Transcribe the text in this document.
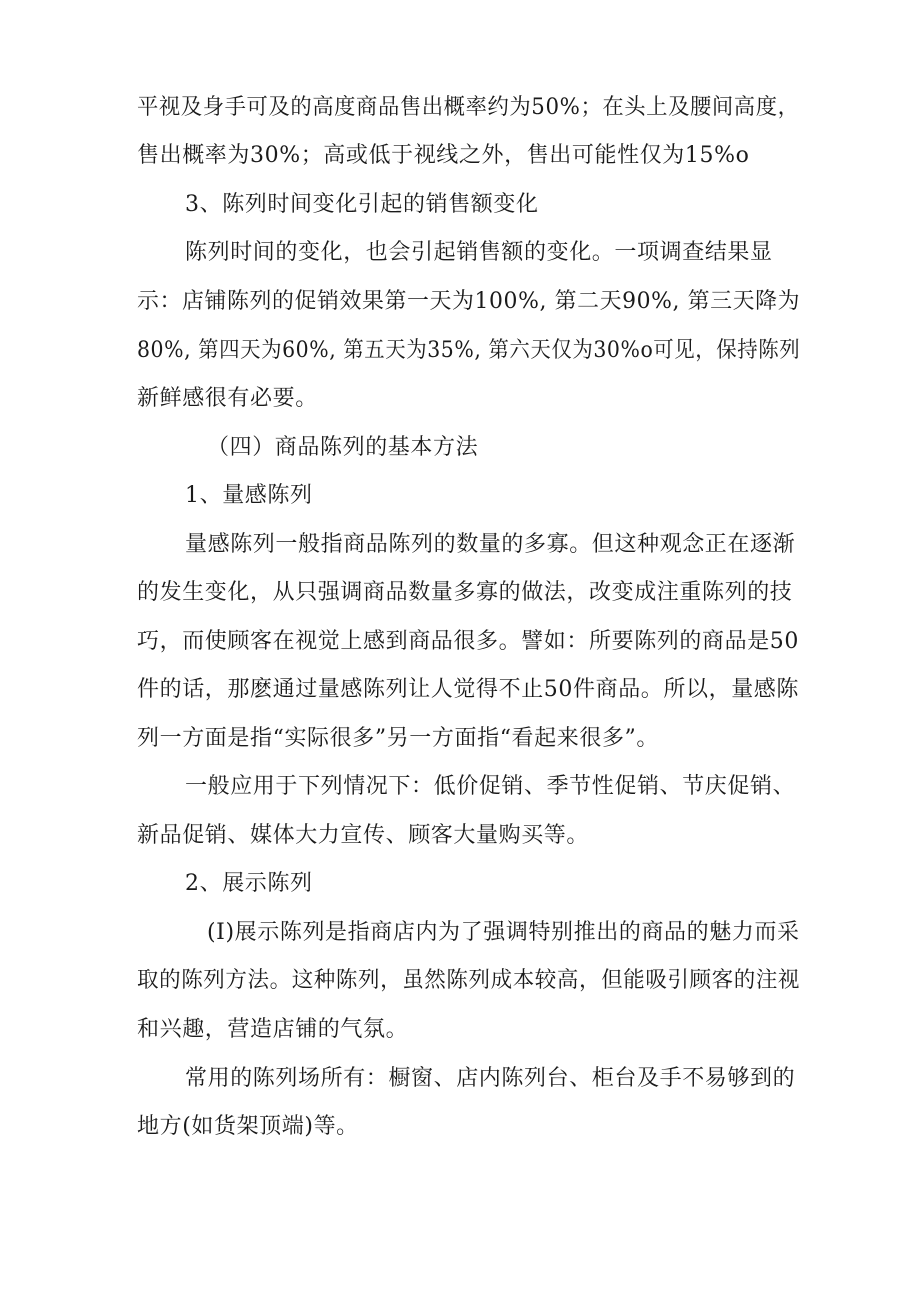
平视及身手可及的高度商品售出概率约为50%；在头上及腰间高度，
售出概率为30%；高或低于视线之外，售出可能性仅为15%o
3、陈列时间变化引起的销售额变化
陈列时间的变化，也会引起销售额的变化。一项调查结果显
示：店铺陈列的促销效果第一天为100%, 第二天90%, 第三天降为
80%, 第四天为60%, 第五天为35%, 第六天仅为30%o可见，保持陈列
新鲜感很有必要。
（四）商品陈列的基本方法
1、量感陈列
量感陈列一般指商品陈列的数量的多寡。但这种观念正在逐渐
的发生变化，从只强调商品数量多寡的做法，改变成注重陈列的技
巧，而使顾客在视觉上感到商品很多。譬如：所要陈列的商品是50
件的话，那麽通过量感陈列让人觉得不止50件商品。所以，量感陈
列一方面是指“实际很多”另一方面指“看起来很多”。
一般应用于下列情况下：低价促销、季节性促销、节庆促销、
新品促销、媒体大力宣传、顾客大量购买等。
2、展示陈列
(I)展示陈列是指商店内为了强调特别推出的商品的魅力而采
取的陈列方法。这种陈列，虽然陈列成本较高，但能吸引顾客的注视
和兴趣，营造店铺的气氛。
常用的陈列场所有：橱窗、店内陈列台、柜台及手不易够到的
地方(如货架顶端)等。
